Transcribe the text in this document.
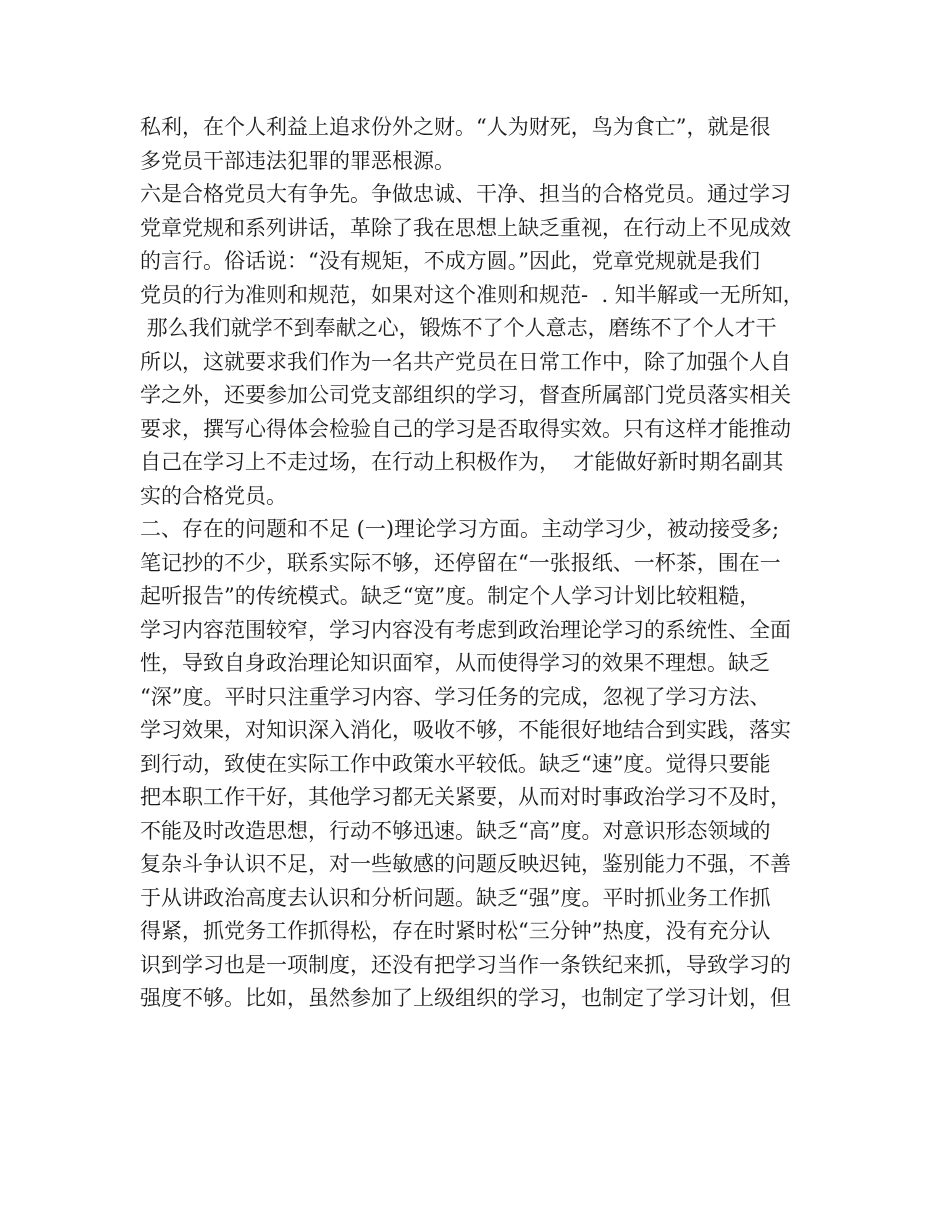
私利，在个人利益上追求份外之财。“人为财死，鸟为食亡”，就是很
多党员干部违法犯罪的罪恶根源。
六是合格党员大有争先。争做忠诚、干净、担当的合格党员。通过学习
党章党规和系列讲话，革除了我在思想上缺乏重视，在行动上不见成效
的言行。俗话说：“没有规矩，不成方圆。”因此，党章党规就是我们
党员的行为准则和规范，如果对这个准则和规范-  . 知半解或一无所知，
那么我们就学不到奉献之心，锻炼不了个人意志，磨练不了个人才干
所以，这就要求我们作为一名共产党员在日常工作中，除了加强个人自
学之外，还要参加公司党支部组织的学习，督查所属部门党员落实相关
要求，撰写心得体会检验自己的学习是否取得实效。只有这样才能推动
自己在学习上不走过场，在行动上积极作为，  才能做好新时期名副其
实的合格党员。
二、存在的问题和不足 (一)理论学习方面。主动学习少，被动接受多;
笔记抄的不少，联系实际不够，还停留在“一张报纸、一杯茶，围在一
起听报告”的传统模式。缺乏“宽”度。制定个人学习计划比较粗糙，
学习内容范围较窄，学习内容没有考虑到政治理论学习的系统性、全面
性，导致自身政治理论知识面窄，从而使得学习的效果不理想。缺乏
“深”度。平时只注重学习内容、学习任务的完成，忽视了学习方法、
学习效果，对知识深入消化，吸收不够，不能很好地结合到实践，落实
到行动，致使在实际工作中政策水平较低。缺乏“速”度。觉得只要能
把本职工作干好，其他学习都无关紧要，从而对时事政治学习不及时，
不能及时改造思想，行动不够迅速。缺乏“高”度。对意识形态领域的
复杂斗争认识不足，对一些敏感的问题反映迟钝，鉴别能力不强，不善
于从讲政治高度去认识和分析问题。缺乏“强”度。平时抓业务工作抓
得紧，抓党务工作抓得松，存在时紧时松“三分钟”热度，没有充分认
识到学习也是一项制度，还没有把学习当作一条铁纪来抓，导致学习的
强度不够。比如，虽然参加了上级组织的学习，也制定了学习计划，但
